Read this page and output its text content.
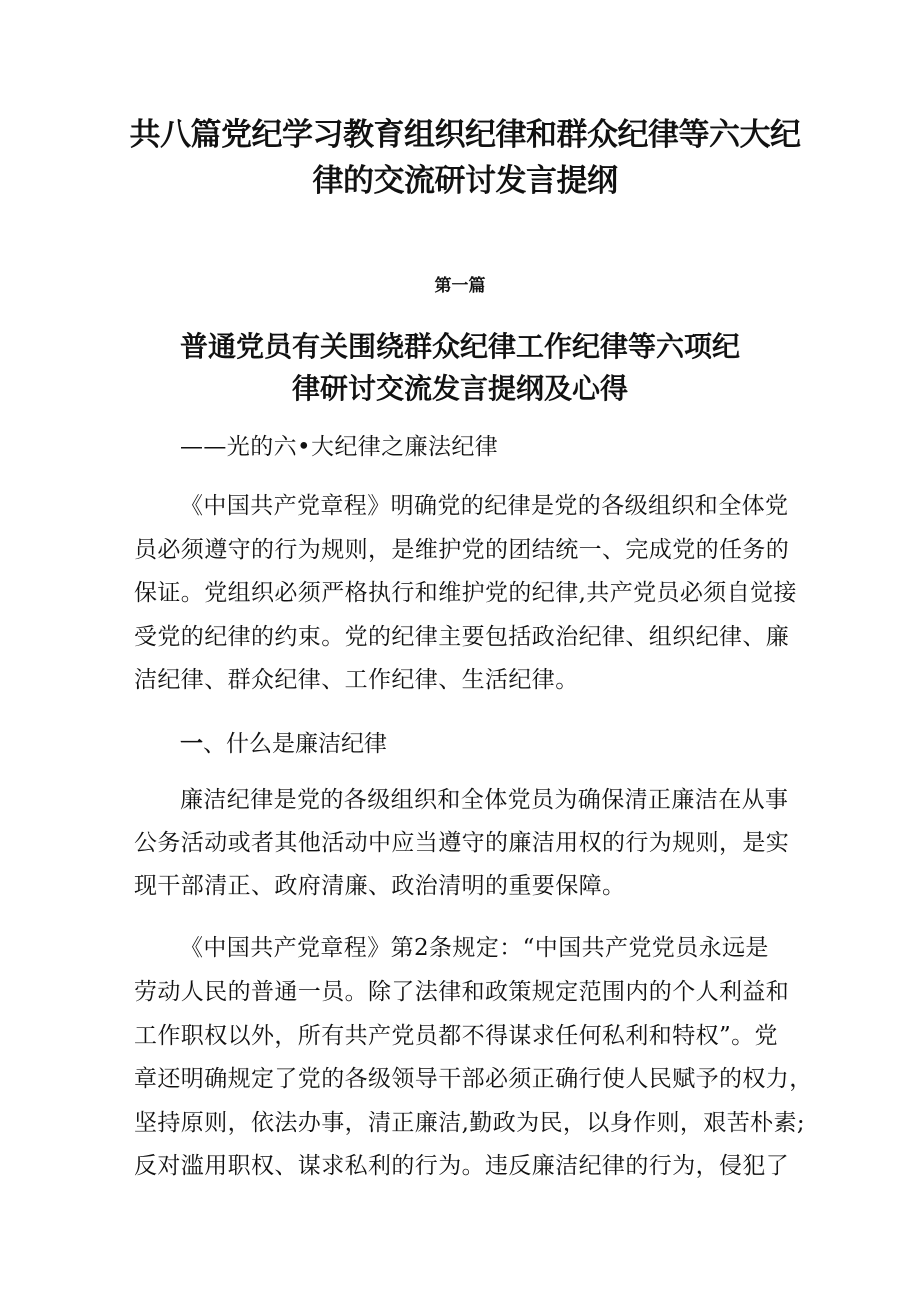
共八篇党纪学习教育组织纪律和群众纪律等六大纪
律的交流研讨发言提纲
第一篇
普通党员有关围绕群众纪律工作纪律等六项纪
律研讨交流发言提纲及心得
——光的六•大纪律之廉法纪律
《中国共产党章程》明确党的纪律是党的各级组织和全体党
员必须遵守的行为规则，是维护党的团结统一、完成党的任务的
保证。党组织必须严格执行和维护党的纪律,共产党员必须自觉接
受党的纪律的约束。党的纪律主要包括政治纪律、组织纪律、廉
洁纪律、群众纪律、工作纪律、生活纪律。
一、什么是廉洁纪律
廉洁纪律是党的各级组织和全体党员为确保清正廉洁在从事
公务活动或者其他活动中应当遵守的廉洁用权的行为规则，是实
现干部清正、政府清廉、政治清明的重要保障。
《中国共产党章程》第2条规定：“中国共产党党员永远是
劳动人民的普通一员。除了法律和政策规定范围内的个人利益和
工作职权以外，所有共产党员都不得谋求任何私利和特权”。党
章还明确规定了党的各级领导干部必须正确行使人民赋予的权力，
坚持原则，依法办事，清正廉洁,勤政为民，以身作则，艰苦朴素;
反对滥用职权、谋求私利的行为。违反廉洁纪律的行为，侵犯了
